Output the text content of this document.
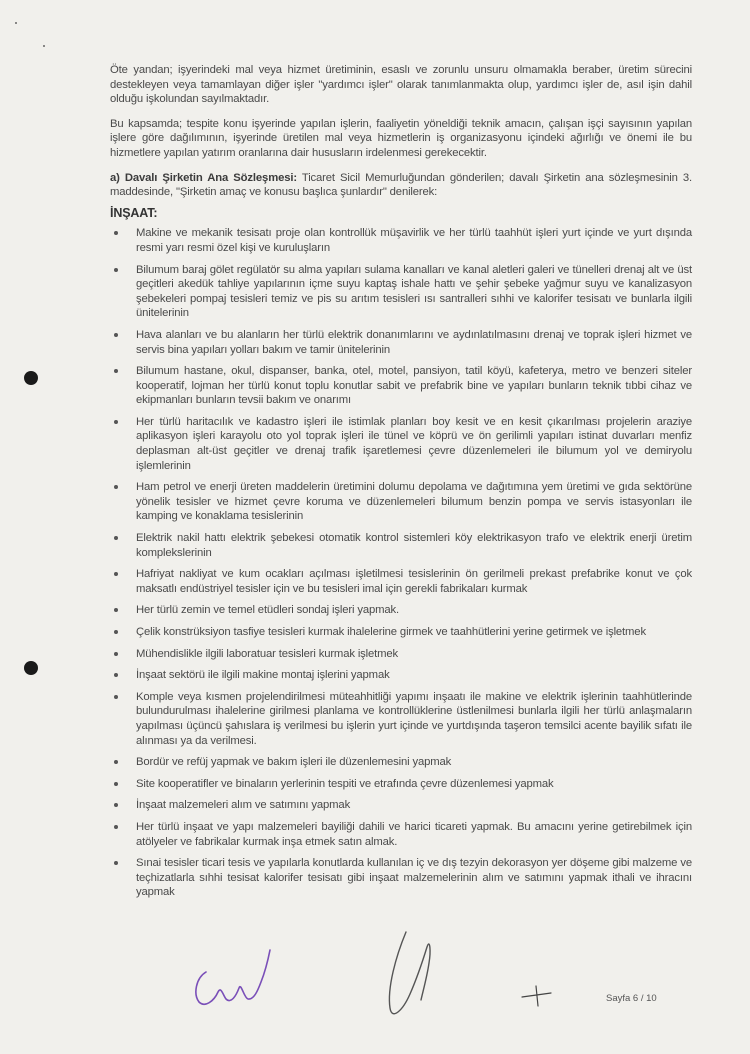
Öte yandan; işyerindeki mal veya hizmet üretiminin, esaslı ve zorunlu unsuru olmamakla beraber, üretim sürecini destekleyen veya tamamlayan diğer işler "yardımcı işler" olarak tanımlanmakta olup, yardımcı işler de, asıl işin dahil olduğu işkolundan sayılmaktadır.

Bu kapsamda; tespite konu işyerinde yapılan işlerin, faaliyetin yöneldiği teknik amacın, çalışan işçi sayısının yapılan işlere göre dağılımının, işyerinde üretilen mal veya hizmetlerin iş organizasyonu içindeki ağırlığı ve önemi ile bu hizmetlere yapılan yatırım oranlarına dair hususların irdelenmesi gerekecektir.

a) Davalı Şirketin Ana Sözleşmesi: Ticaret Sicil Memurluğundan gönderilen; davalı Şirketin ana sözleşmesinin 3. maddesinde, "Şirketin amaç ve konusu başlıca şunlardır" denilerek:

İNŞAAT:
Makine ve mekanik tesisatı proje olan kontrollük müşavirlik ve her türlü taahhüt işleri yurt içinde ve yurt dışında resmi yarı resmi özel kişi ve kuruluşların
Bilumum baraj gölet regülatör su alma yapıları sulama kanalları ve kanal aletleri galeri ve tünelleri drenaj alt ve üst geçitleri akedük tahliye yapılarının içme suyu kaptaş ishale hattı ve şehir şebeke yağmur suyu ve kanalizasyon şebekeleri pompaj tesisleri temiz ve pis su arıtım tesisleri ısı santralleri sıhhi ve kalorifer tesisatı ve bunlarla ilgili ünitelerinin
Hava alanları ve bu alanların her türlü elektrik donanımlarını ve aydınlatılmasını drenaj ve toprak işleri hizmet ve servis bina yapıları yolları bakım ve tamir ünitelerinin
Bilumum hastane, okul, dispanser, banka, otel, motel, pansiyon, tatil köyü, kafeterya, metro ve benzeri siteler kooperatif, lojman her türlü konut toplu konutlar sabit ve prefabrik bine ve yapıları bunların teknik tıbbi cihaz ve ekipmanları bunların tevsii bakım ve onarımı
Her türlü haritacılık ve kadastro işleri ile istimlak planları boy kesit ve en kesit çıkarılması projelerin araziye aplikasyon işleri karayolu oto yol toprak işleri ile tünel ve köprü ve ön gerilimli yapıları istinat duvarları menfiz deplasman alt-üst geçitler ve drenaj trafik işaretlemesi çevre düzenlemeleri ile bilumum yol ve demiryolu işlemlerinin
Ham petrol ve enerji üreten maddelerin üretimini dolumu depolama ve dağıtımına yem üretimi ve gıda sektörüne yönelik tesisler ve hizmet çevre koruma ve düzenlemeleri bilumum benzin pompa ve servis istasyonları ile kamping ve konaklama tesislerinin
Elektrik nakil hattı elektrik şebekesi otomatik kontrol sistemleri köy elektrikasyon trafo ve elektrik enerji üretim komplekslerinin
Hafriyat nakliyat ve kum ocakları açılması işletilmesi tesislerinin ön gerilmeli prekast prefabrike konut ve çok maksatlı endüstriyel tesisler için ve bu tesisleri imal için gerekli fabrikaları kurmak
Her türlü zemin ve temel etüdleri sondaj işleri yapmak.
Çelik konstrüksiyon tasfiye tesisleri kurmak ihalelerine girmek ve taahhütlerini yerine getirmek ve işletmek
Mühendislikle ilgili laboratuar tesisleri kurmak işletmek
İnşaat sektörü ile ilgili makine montaj işlerini yapmak
Komple veya kısmen projelendirilmesi müteahhitliği yapımı inşaatı ile makine ve elektrik işlerinin taahhütlerinde bulundurulması ihalelerine girilmesi planlama ve kontrollüklerine üstlenilmesi bunlarla ilgili her türlü anlaşmaların yapılması üçüncü şahıslara iş verilmesi bu işlerin yurt içinde ve yurtdışında taşeron temsilci acente bayilik sıfatı ile alınması ya da verilmesi.
Bordür ve refüj yapmak ve bakım işleri ile düzenlemesini yapmak
Site kooperatifler ve binaların yerlerinin tespiti ve etrafında çevre düzenlemesi yapmak
İnşaat malzemeleri alım ve satımını yapmak
Her türlü inşaat ve yapı malzemeleri bayiliği dahili ve harici ticareti yapmak. Bu amacını yerine getirebilmek için atölyeler ve fabrikalar kurmak inşa etmek satın almak.
Sınai tesisler ticari tesis ve yapılarla konutlarda kullanılan iç ve dış tezyin dekorasyon yer döşeme gibi malzeme ve teçhizatlarla sıhhi tesisat kalorifer tesisatı gibi inşaat malzemelerinin alım ve satımını yapmak ithali ve ihracını yapmak
Sayfa 6 / 10
